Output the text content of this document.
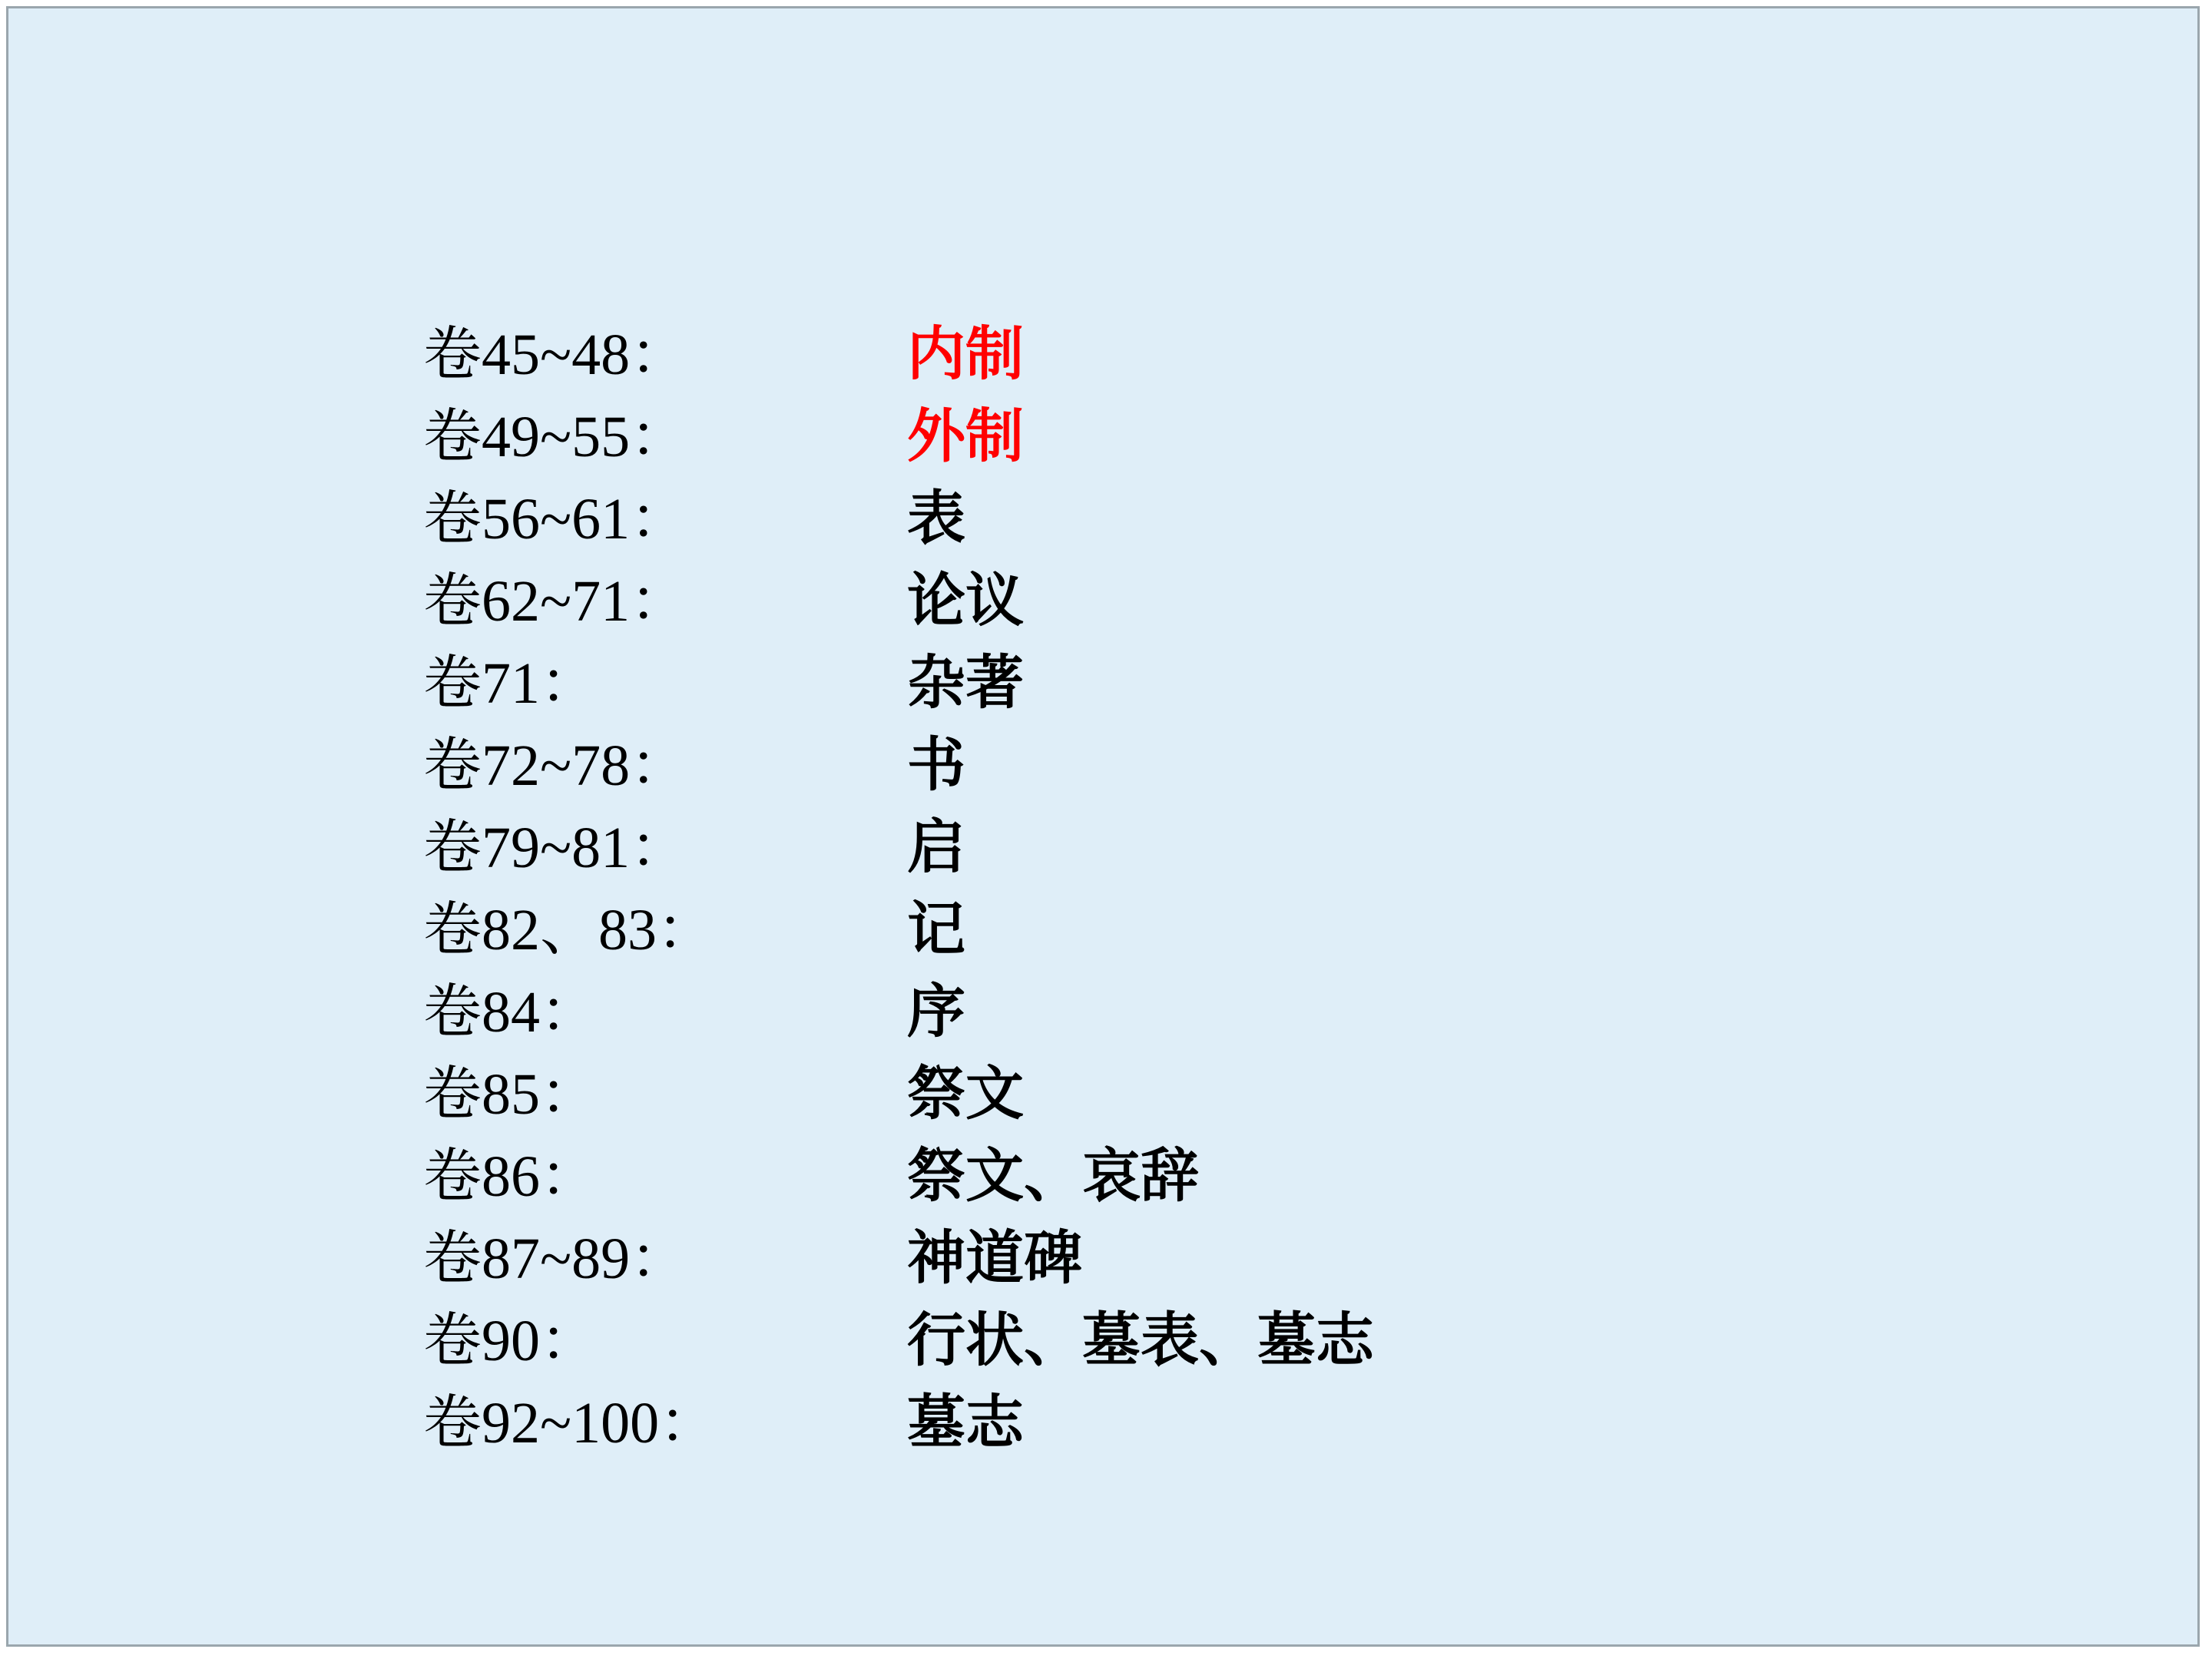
卷45~48：	内制
卷49~55：	外制
卷56~61：	表
卷62~71：	论议
卷71：	杂著
卷72~78：	书
卷79~81：	启
卷82、83：	记
卷84：	序
卷85：	祭文
卷86：	祭文、哀辞
卷87~89：	神道碑
卷90：	行状、墓表、墓志
卷92~100：	墓志
